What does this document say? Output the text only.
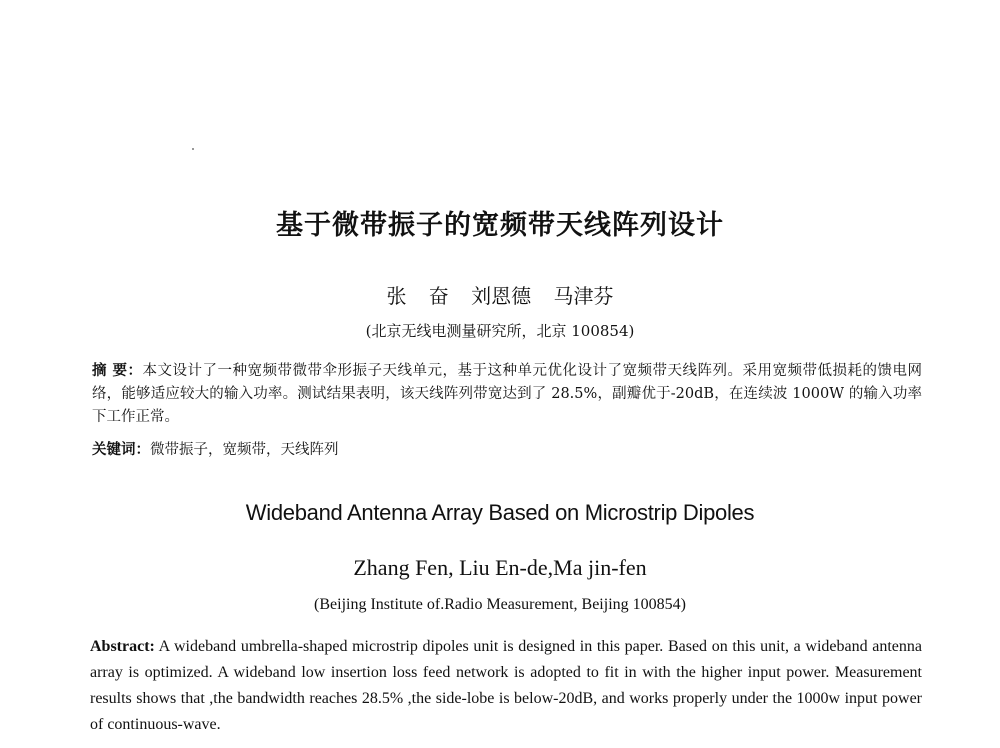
基于微带振子的宽频带天线阵列设计
张 奋 刘恩德 马津芬
(北京无线电测量研究所，北京 100854)
摘 要：本文设计了一种宽频带微带伞形振子天线单元，基于这种单元优化设计了宽频带天线阵列。采用宽频带低损耗的馈电网络，能够适应较大的输入功率。测试结果表明，该天线阵列带宽达到了 28.5%，副瓣优于-20dB，在连续波 1000W 的输入功率下工作正常。
关键词：微带振子，宽频带，天线阵列
Wideband Antenna Array Based on Microstrip Dipoles
Zhang Fen, Liu En-de,Ma jin-fen
(Beijing Institute of.Radio Measurement, Beijing 100854)
Abstract: A wideband umbrella-shaped microstrip dipoles unit is designed in this paper. Based on this unit, a wideband antenna array is optimized. A wideband low insertion loss feed network is adopted to fit in with the higher input power. Measurement results shows that ,the bandwidth reaches 28.5% ,the side-lobe is below-20dB, and works properly under the 1000w input power of continuous-wave.
